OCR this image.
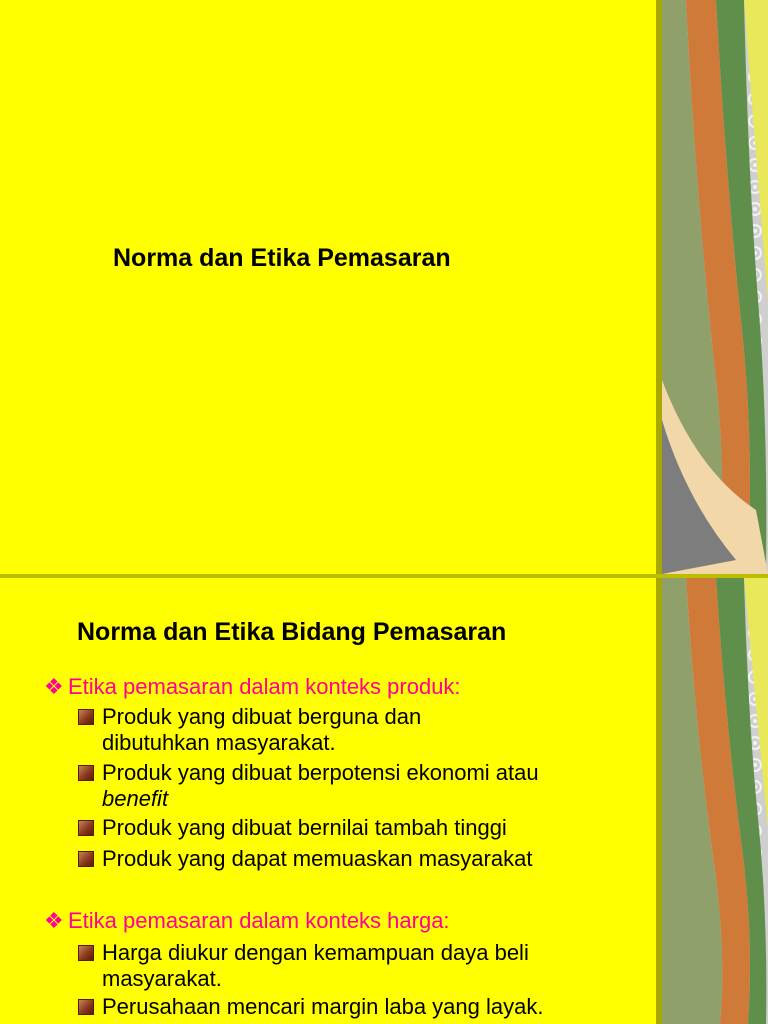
Norma dan Etika Pemasaran
Norma dan Etika Bidang Pemasaran
❖ Etika pemasaran dalam konteks produk:
Produk yang dibuat berguna dan dibutuhkan masyarakat.
Produk yang dibuat berpotensi ekonomi atau benefit
Produk yang dibuat bernilai tambah tinggi
Produk yang dapat memuaskan masyarakat
❖ Etika pemasaran dalam konteks harga:
Harga diukur dengan kemampuan daya beli masyarakat.
Perusahaan mencari margin laba yang layak.
